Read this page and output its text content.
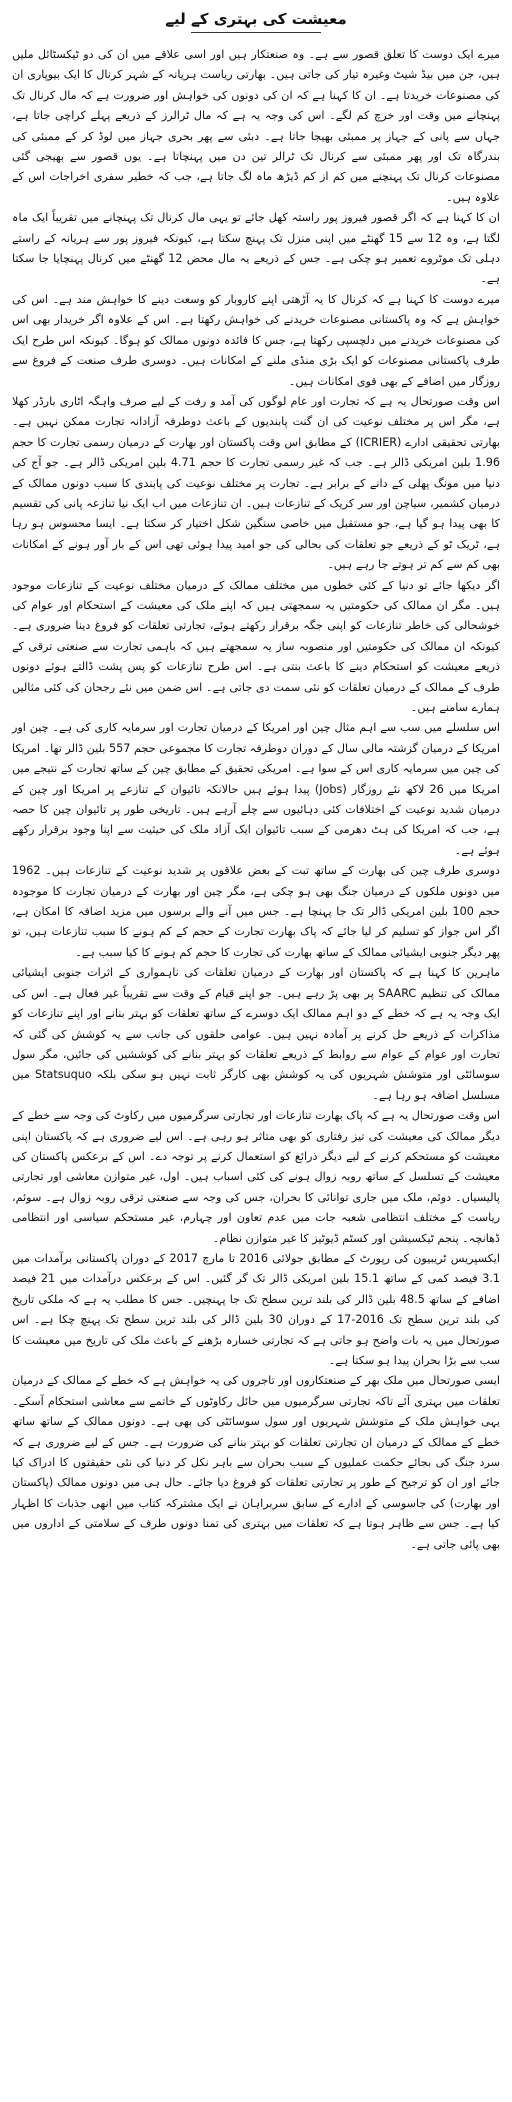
معیشت کی بہتری کے لیے

میرے ایک دوست کا تعلق قصور سے ہے۔ وہ صنعتکار ہیں اور اسی علاقے میں ان کی دو ٹیکسٹائل ملیں ہیں، جن میں بیڈ شیٹ وغیرہ تیار کی جاتی ہیں۔ بھارتی ریاست ہریانہ کے شہر کرنال کا ایک بیوپاری ان کی مصنوعات خریدتا ہے۔ ان کا کہنا ہے کہ ان کی دونوں کی خواہش اور ضرورت ہے کہ مال کرنال تک پہنچانے میں وقت اور خرچ کم لگے۔ اس کی وجہ یہ ہے کہ مال ٹرالرز کے ذریعے پہلے کراچی جاتا ہے، جہاں سے پانی کے جہاز پر ممبئی بھیجا جاتا ہے۔ دبئی سے پھر بحری جہاز میں لوڈ کر کے ممبئی کی بندرگاہ تک اور پھر ممبئی سے کرنال تک ٹرالر تین دن میں پہنچاتا ہے۔ یوں قصور سے بھیجی گئی مصنوعات کرنال تک پہنچنے میں کم از کم ڈیڑھ ماہ لگ جاتا ہے، جب کہ خطیر سفری اخراجات اس کے علاوہ ہیں۔

ان کا کہنا ہے کہ اگر قصور فیروز پور راستہ کھل جائے تو یہی مال کرنال تک پہنچانے میں تقریباً ایک ماہ لگتا ہے، وہ 12 سے 15 گھنٹے میں اپنی منزل تک پہنچ سکتا ہے، کیونکہ فیروز پور سے ہریانہ کے راستے دہلی تک موٹروے تعمیر ہو چکی ہے۔ جس کے ذریعے یہ مال محض 12 گھنٹے میں کرنال پہنچایا جا سکتا ہے۔

میرے دوست کا کہنا ہے کہ کرنال کا یہ آڑھتی اپنے کاروبار کو وسعت دینے کا خواہش مند ہے۔ اس کی خواہش ہے کہ وہ پاکستانی مصنوعات خریدنے کی خواہش رکھتا ہے۔ اس کے علاوہ اگر خریدار بھی اس کی مصنوعات خریدنے میں دلچسپی رکھتا ہے، جس کا فائدہ دونوں ممالک کو ہوگا۔ کیونکہ اس طرح ایک طرف پاکستانی مصنوعات کو ایک بڑی منڈی ملنے کے امکانات ہیں۔ دوسری طرف صنعت کے فروغ سے روزگار میں اضافے کے بھی قوی امکانات ہیں۔

اس وقت صورتحال یہ ہے کہ تجارت اور عام لوگوں کی آمد و رفت کے لیے صرف واہگہ اٹاری بارڈر کھلا ہے، مگر اس پر مختلف نوعیت کی ان گنت پابندیوں کے باعث دوطرفہ آزادانہ تجارت ممکن نہیں ہے۔ بھارتی تحقیقی ادارے (ICRIER) کے مطابق اس وقت پاکستان اور بھارت کے درمیان رسمی تجارت کا حجم 1.96 بلین امریکی ڈالر ہے۔ جب کہ غیر رسمی تجارت کا حجم 4.71 بلین امریکی ڈالر ہے۔ جو آج کی دنیا میں مونگ پھلی کے دانے کے برابر ہے۔ تجارت پر مختلف نوعیت کی پابندی کا سبب دونوں ممالک کے درمیان کشمیر، سیاچن اور سر کریک کے تنازعات ہیں۔ ان تنازعات میں اب ایک نیا تنازعہ پانی کی تقسیم کا بھی پیدا ہو گیا ہے، جو مستقبل میں خاصی سنگین شکل اختیار کر سکتا ہے۔ ایسا محسوس ہو رہا ہے، ٹریک ٹو کے ذریعے جو تعلقات کی بحالی کی جو امید پیدا ہوئی تھی اس کے بار آور ہونے کے امکانات بھی کم سے کم تر ہوتے جا رہے ہیں۔

اگر دیکھا جائے تو دنیا کے کئی خطوں میں مختلف ممالک کے درمیان مختلف نوعیت کے تنازعات موجود ہیں۔ مگر ان ممالک کی حکومتیں یہ سمجھتی ہیں کہ اپنے ملک کی معیشت کے استحکام اور عوام کی خوشحالی کی خاطر تنازعات کو اپنی جگہ برقرار رکھتے ہوئے، تجارتی تعلقات کو فروغ دینا ضروری ہے۔ کیونکہ ان ممالک کی حکومتیں اور منصوبہ ساز یہ سمجھتے ہیں کہ باہمی تجارت سے صنعتی ترقی کے ذریعے معیشت کو استحکام دینے کا باعث بنتی ہے۔ اس طرح تنازعات کو پس پشت ڈالتے ہوئے دونوں طرف کے ممالک کے درمیان تعلقات کو نئی سمت دی جاتی ہے۔ اس ضمن میں نئے رجحان کی کئی مثالیں ہمارے سامنے ہیں۔

اس سلسلے میں سب سے اہم مثال چین اور امریکا کے درمیان تجارت اور سرمایہ کاری کی ہے۔ چین اور امریکا کے درمیان گزشتہ مالی سال کے دوران دوطرفہ تجارت کا مجموعی حجم 557 بلین ڈالر تھا۔ امریکا کی چین میں سرمایہ کاری اس کے سوا ہے۔ امریکی تحقیق کے مطابق چین کے ساتھ تجارت کے نتیجے میں امریکا میں 26 لاکھ نئے روزگار (Jobs) پیدا ہوئے ہیں حالانکہ تائیوان کے تنازعے پر امریکا اور چین کے درمیان شدید نوعیت کے اختلافات کئی دہائیوں سے چلے آرہے ہیں۔ تاریخی طور پر تائیوان چین کا حصہ ہے، جب کہ امریکا کی ہٹ دھرمی کے سبب تائیوان ایک آزاد ملک کی حیثیت سے اپنا وجود برقرار رکھے ہوئے ہے۔

دوسری طرف چین کی بھارت کے ساتھ تبت کے بعض علاقوں پر شدید نوعیت کے تنازعات ہیں۔ 1962 میں دونوں ملکوں کے درمیان جنگ بھی ہو چکی ہے، مگر چین اور بھارت کے درمیان تجارت کا موجودہ حجم 100 بلین امریکی ڈالر تک جا پہنچا ہے۔ جس میں آنے والے برسوں میں مزید اضافہ کا امکان ہے، اگر اس جواز کو تسلیم کر لیا جائے کہ پاک بھارت تجارت کے حجم کے کم ہونے کا سبب تنازعات ہیں، تو پھر دیگر جنوبی ایشیائی ممالک کے ساتھ بھارت کی تجارت کا حجم کم ہونے کا کیا سبب ہے۔

ماہرین کا کہنا ہے کہ پاکستان اور بھارت کے درمیان تعلقات کی ناہمواری کے اثرات جنوبی ایشیائی ممالک کی تنظیم SAARC پر بھی پڑ رہے ہیں۔ جو اپنے قیام کے وقت سے تقریباً غیر فعال ہے۔ اس کی ایک وجہ یہ ہے کہ خطے کے دو اہم ممالک ایک دوسرے کے ساتھ تعلقات کو بہتر بنانے اور اپنے تنازعات کو مذاکرات کے ذریعے حل کرنے پر آمادہ نہیں ہیں۔ عوامی حلقوں کی جانب سے یہ کوشش کی گئی کہ تجارت اور عوام کے عوام سے روابط کے ذریعے تعلقات کو بہتر بنانے کی کوششیں کی جائیں، مگر سول سوسائٹی اور متوشش شہریوں کی یہ کوشش بھی کارگر ثابت نہیں ہو سکی بلکہ Statsuquo میں مسلسل اضافہ ہو رہا ہے۔

اس وقت صورتحال یہ ہے کہ پاک بھارت تنازعات اور تجارتی سرگرمیوں میں رکاوٹ کی وجہ سے خطے کے دیگر ممالک کی معیشت کی تیز رفتاری کو بھی متاثر ہو رہی ہے۔ اس لیے ضروری ہے کہ پاکستان اپنی معیشت کو مستحکم کرنے کے لیے دیگر ذرائع کو استعمال کرنے پر توجہ دے۔ اس کے برعکس پاکستان کی معیشت کے تسلسل کے ساتھ روبہ زوال ہونے کی کئی اسباب ہیں۔ اول، غیر متوازن معاشی اور تجارتی پالیسیاں۔ دوئم، ملک میں جاری توانائی کا بحران، جس کی وجہ سے صنعتی ترقی روبہ زوال ہے۔ سوئم، ریاست کے مختلف انتظامی شعبہ جات میں عدم تعاون اور چہارم، غیر مستحکم سیاسی اور انتظامی ڈھانچہ۔ پنجم ٹیکسیشن اور کسٹم ڈیوٹیز کا غیر متوازن نظام۔

ایکسپریس ٹریبیون کی رپورٹ کے مطابق جولائی 2016 تا مارچ 2017 کے دوران پاکستانی برآمدات میں 3.1 فیصد کمی کے ساتھ 15.1 بلین امریکی ڈالر تک گر گئیں۔ اس کے برعکس درآمدات میں 21 فیصد اضافے کے ساتھ 48.5 بلین ڈالر کی بلند ترین سطح تک جا پہنچیں۔ جس کا مطلب یہ ہے کہ ملکی تاریخ کی بلند ترین سطح تک 2016-17 کے دوران 30 بلین ڈالر کی بلند ترین سطح تک پہنچ چکا ہے۔ اس صورتحال میں یہ بات واضح ہو جاتی ہے کہ تجارتی خسارہ بڑھنے کے باعث ملک کی تاریخ میں معیشت کا سب سے بڑا بحران پیدا ہو سکتا ہے۔

ایسی صورتحال میں ملک بھر کے صنعتکاروں اور تاجروں کی یہ خواہش ہے کہ خطے کے ممالک کے درمیان تعلقات میں بہتری آئے تاکہ تجارتی سرگرمیوں میں حائل رکاوٹوں کے خاتمے سے معاشی استحکام آسکے۔ یہی خواہش ملک کے متوشش شہریوں اور سول سوسائٹی کی بھی ہے۔ دونوں ممالک کے ساتھ ساتھ خطے کے ممالک کے درمیان ان تجارتی تعلقات کو بہتر بنانے کی ضرورت ہے۔ جس کے لیے ضروری ہے کہ سرد جنگ کی بجائے حکمت عملیوں کے سبب بحران سے باہر نکل کر دنیا کی نئی حقیقتوں کا ادراک کیا جائے اور ان کو ترجیح کے طور پر تجارتی تعلقات کو فروغ دیا جائے۔ حال ہی میں دونوں ممالک (پاکستان اور بھارت) کی جاسوسی کے ادارے کے سابق سربراہان نے ایک مشترکہ کتاب میں انھی جذبات کا اظہار کیا ہے۔ جس سے ظاہر ہوتا ہے کہ تعلقات میں بہتری کی تمنا دونوں طرف کے سلامتی کے اداروں میں بھی پائی جاتی ہے۔
